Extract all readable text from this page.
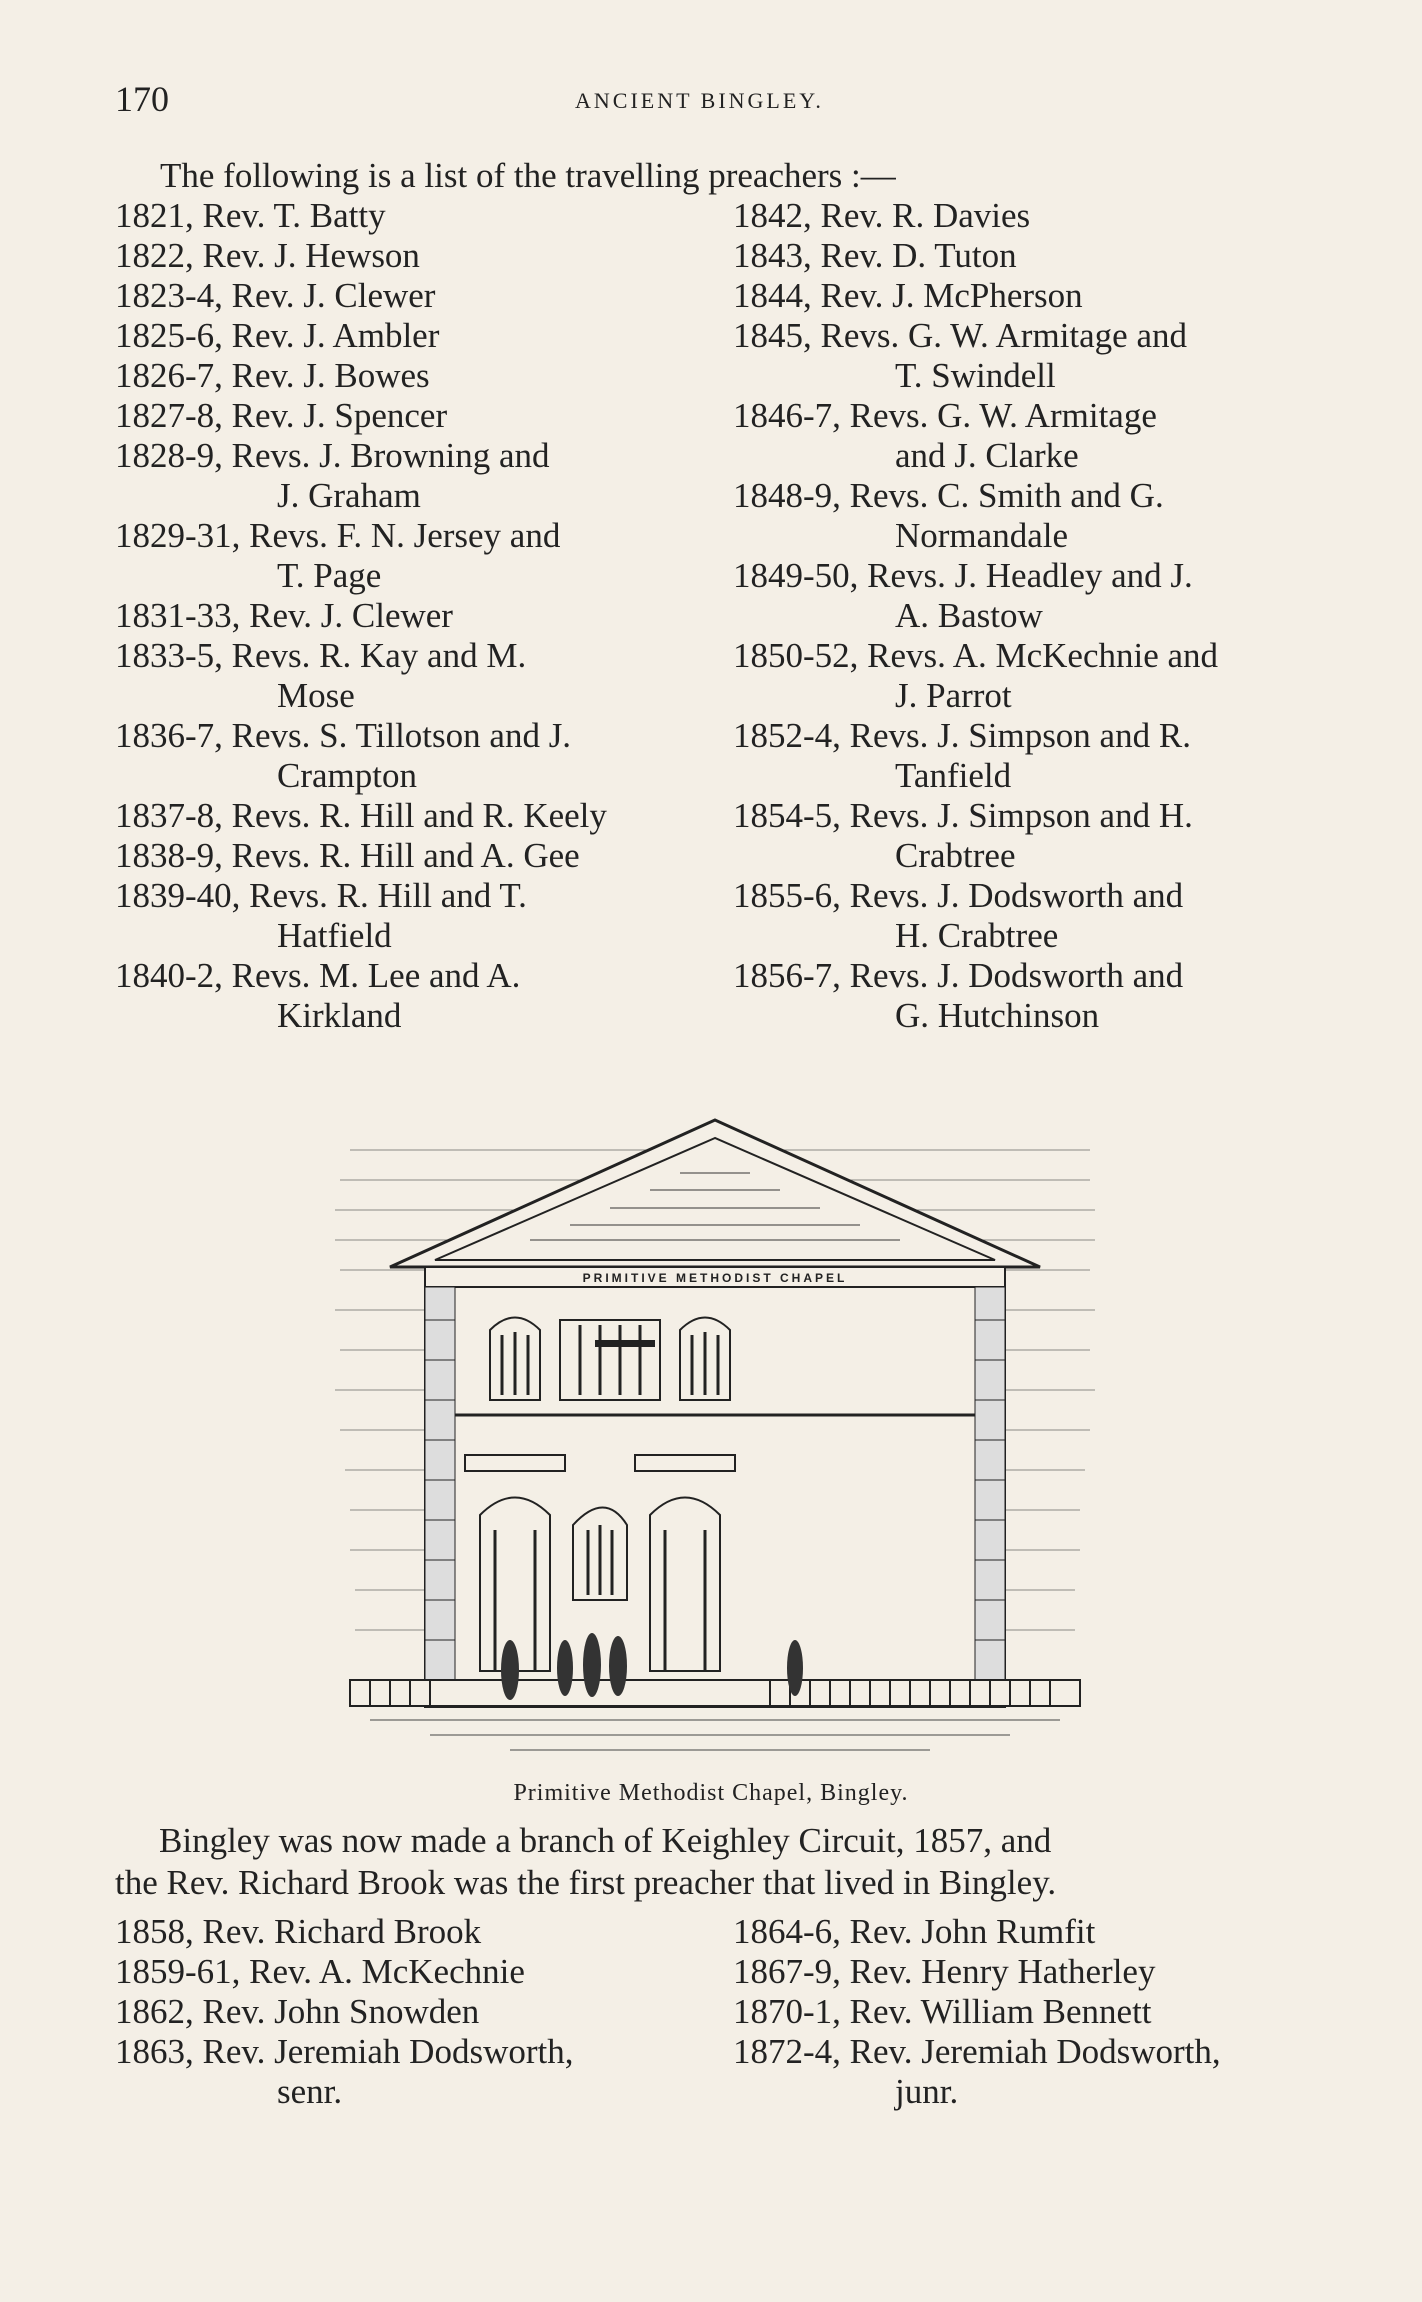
170	ANCIENT BINGLEY.
The following is a list of the travelling preachers :—
1821, Rev. T. Batty
1822, Rev. J. Hewson
1823-4, Rev. J. Clewer
1825-6, Rev. J. Ambler
1826-7, Rev. J. Bowes
1827-8, Rev. J. Spencer
1828-9, Revs. J. Browning and
J. Graham
1829-31, Revs. F. N. Jersey and
T. Page
1831-33, Rev. J. Clewer
1833-5, Revs. R. Kay and M.
Mose
1836-7, Revs. S. Tillotson and J.
Crampton
1837-8, Revs. R. Hill and R. Keely
1838-9, Revs. R. Hill and A. Gee
1839-40, Revs. R. Hill and T.
Hatfield
1840-2, Revs. M. Lee and A.
Kirkland
1842, Rev. R. Davies
1843, Rev. D. Tuton
1844, Rev. J. McPherson
1845, Revs. G. W. Armitage and
T. Swindell
1846-7, Revs. G. W. Armitage
and J. Clarke
1848-9, Revs. C. Smith and G.
Normandale
1849-50, Revs. J. Headley and J.
A. Bastow
1850-52, Revs. A. McKechnie and
J. Parrot
1852-4, Revs. J. Simpson and R.
Tanfield
1854-5, Revs. J. Simpson and H.
Crabtree
1855-6, Revs. J. Dodsworth and
H. Crabtree
1856-7, Revs. J. Dodsworth and
G. Hutchinson
PRIMITIVE METHODIST CHAPEL
Primitive Methodist Chapel, Bingley.
Bingley was now made a branch of Keighley Circuit, 1857, and
the Rev. Richard Brook was the first preacher that lived in Bingley.
1858, Rev. Richard Brook
1859-61, Rev. A. McKechnie
1862, Rev. John Snowden
1863, Rev. Jeremiah Dodsworth,
senr.
1864-6, Rev. John Rumfit
1867-9, Rev. Henry Hatherley
1870-1, Rev. William Bennett
1872-4, Rev. Jeremiah Dodsworth,
junr.
